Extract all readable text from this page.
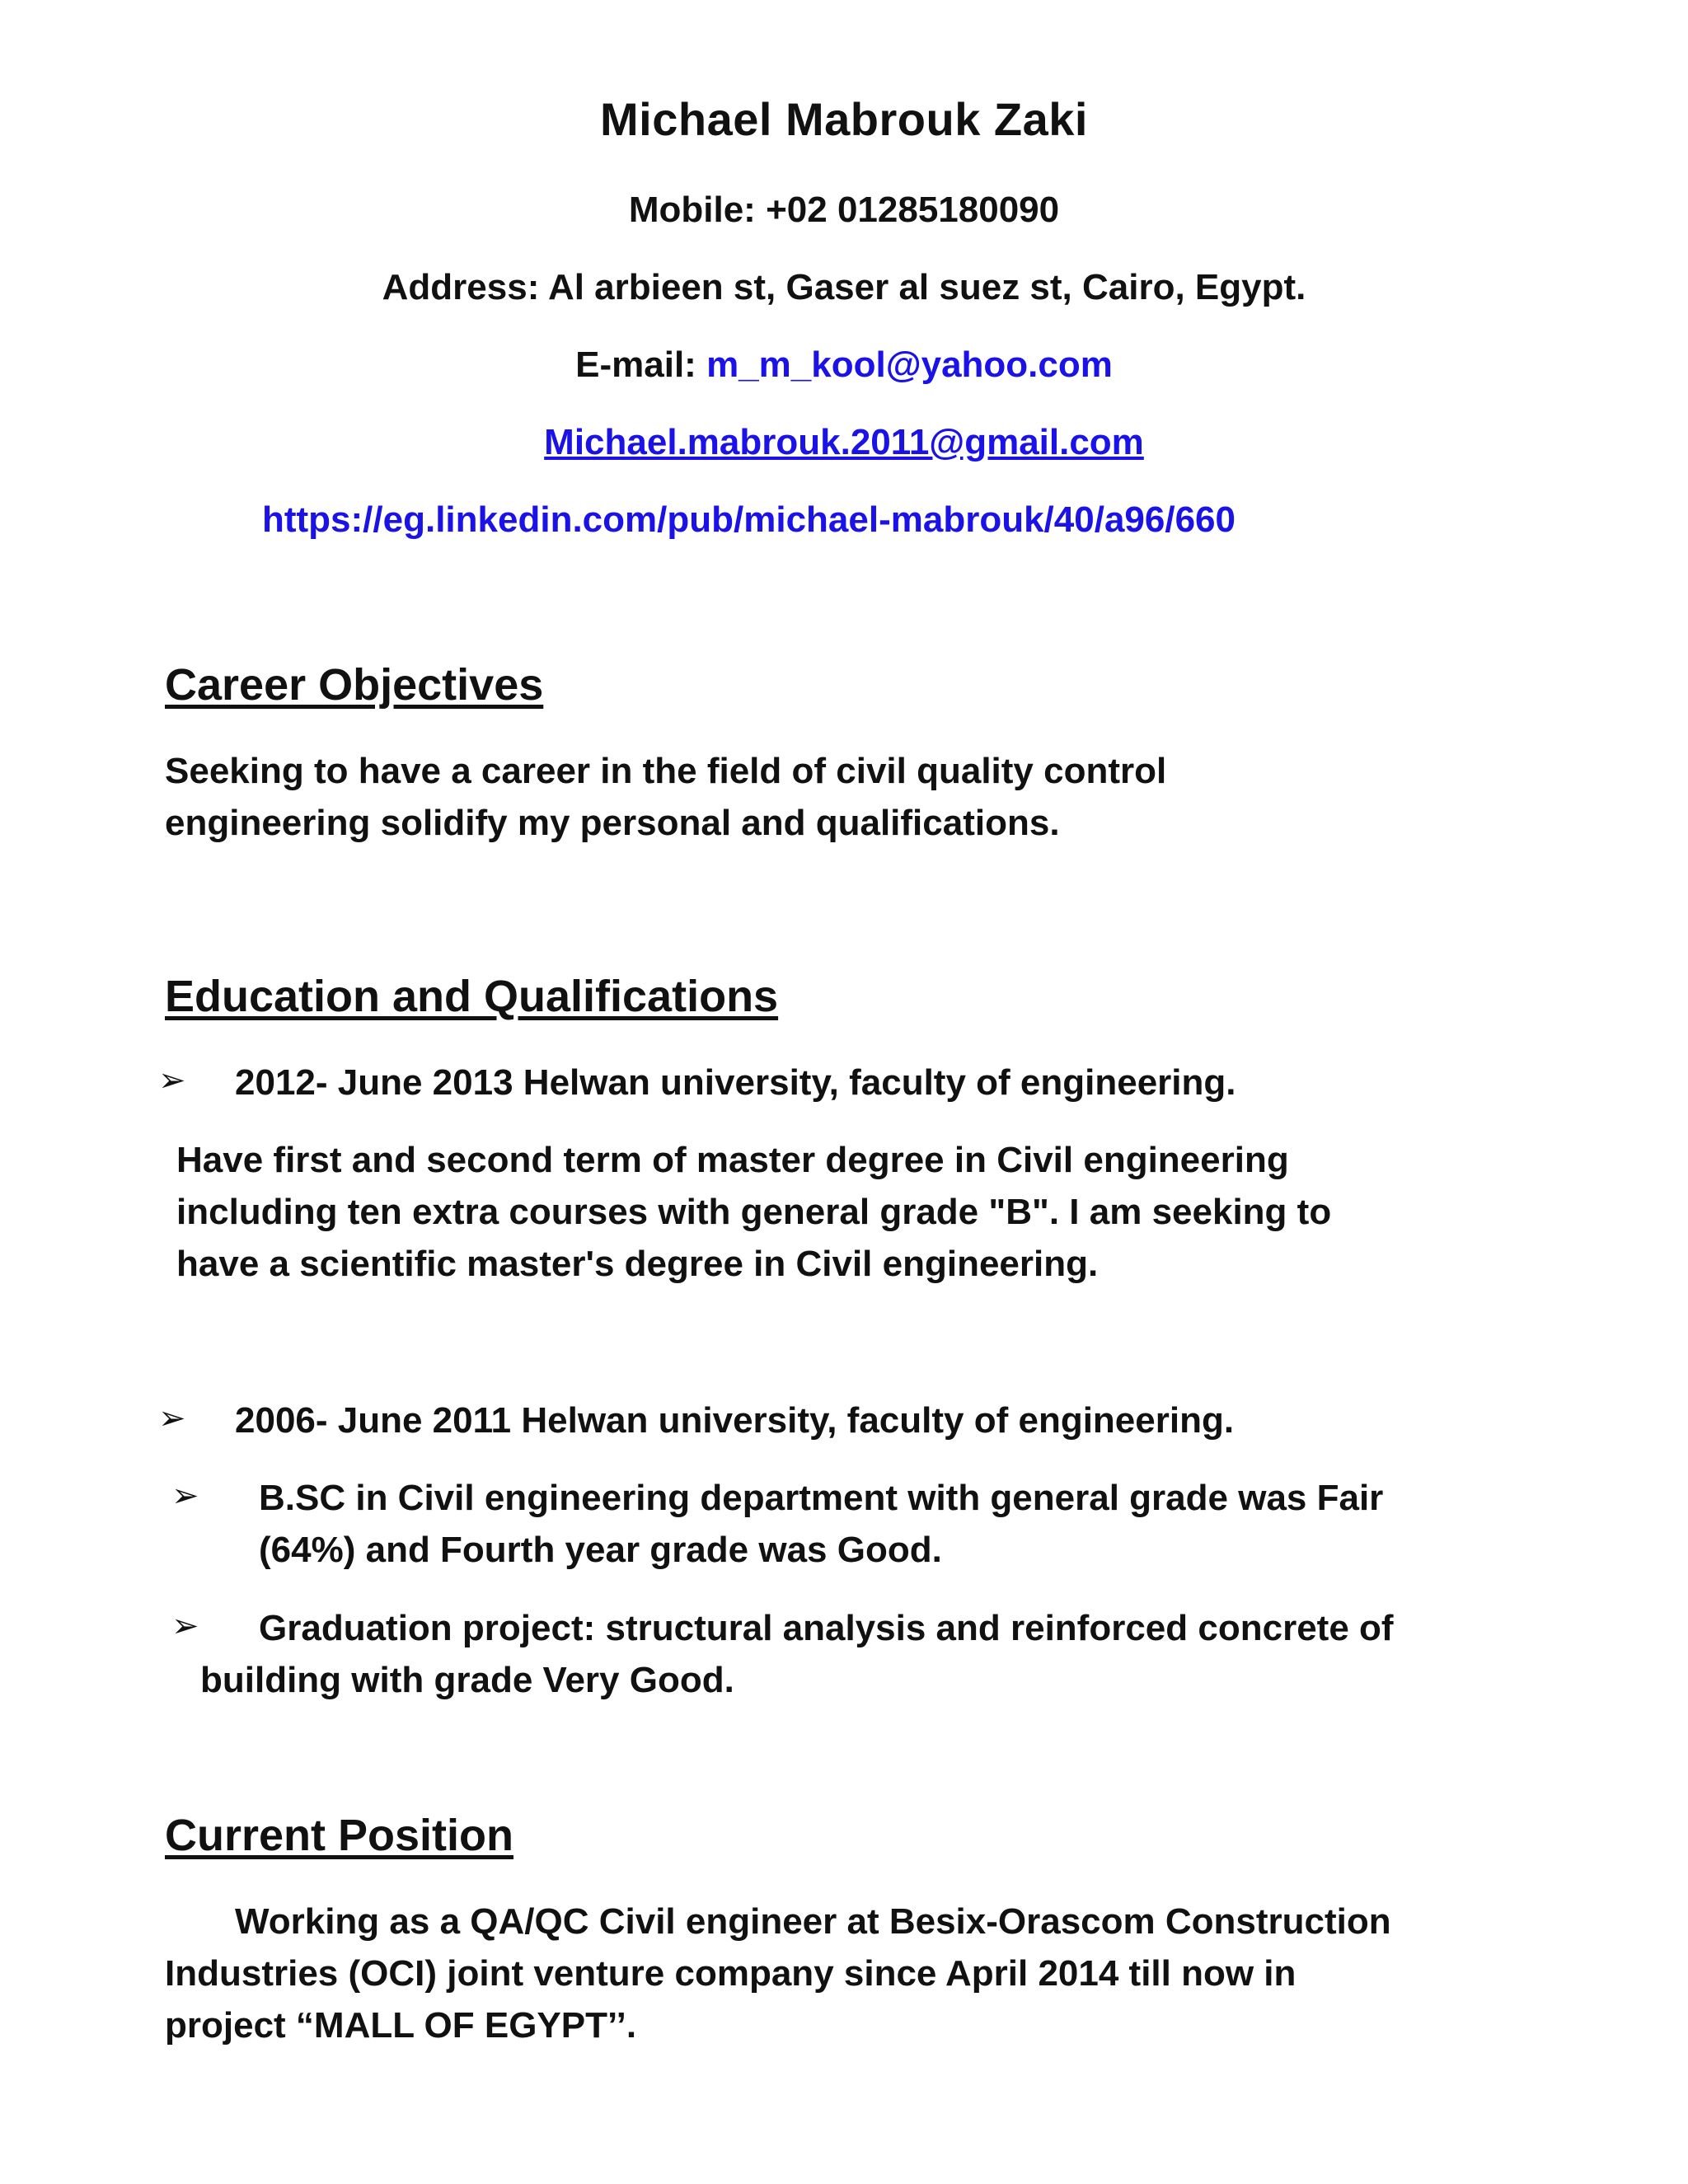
Michael Mabrouk Zaki
Mobile: +02 01285180090
Address: Al arbieen st, Gaser al suez st, Cairo, Egypt.
E-mail: m_m_kool@yahoo.com
Michael.mabrouk.2011@gmail.com
https://eg.linkedin.com/pub/michael-mabrouk/40/a96/660
Career Objectives
Seeking to have a career in the field of civil quality control
engineering solidify my personal and qualifications.
Education and Qualifications
➢ 2012- June 2013 Helwan university, faculty of engineering.
Have first and second term of master degree in Civil engineering
including ten extra courses with general grade "B". I am seeking to
have a scientific master's degree in Civil engineering.
➢ 2006- June 2011 Helwan university, faculty of engineering.
➢ B.SC in Civil engineering department with general grade was Fair
(64%) and Fourth year grade was Good.
➢ Graduation project: structural analysis and reinforced concrete of
building with grade Very Good.
Current Position
Working as a QA/QC Civil engineer at Besix-Orascom Construction
Industries (OCI) joint venture company since April 2014 till now in
project “MALL OF EGYPT’’.
